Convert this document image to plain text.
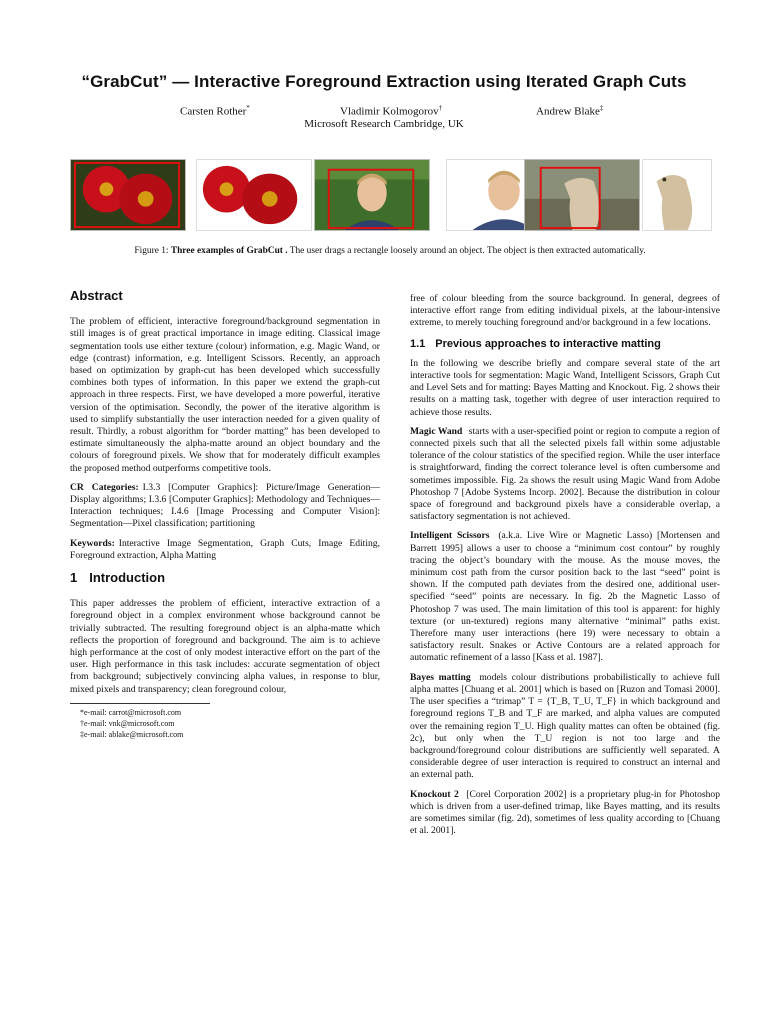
“GrabCut” — Interactive Foreground Extraction using Iterated Graph Cuts
Carsten Rother*	Vladimir Kolmogorov†	Andrew Blake‡
Microsoft Research Cambridge, UK
Figure 1: Three examples of GrabCut . The user drags a rectangle loosely around an object. The object is then extracted automatically.
Abstract

The problem of efficient, interactive foreground/background segmentation in still images is of great practical importance in image editing. Classical image segmentation tools use either texture (colour) information, e.g. Magic Wand, or edge (contrast) information, e.g. Intelligent Scissors. Recently, an approach based on optimization by graph-cut has been developed which successfully combines both types of information. In this paper we extend the graph-cut approach in three respects. First, we have developed a more powerful, iterative version of the optimisation. Secondly, the power of the iterative algorithm is used to simplify substantially the user interaction needed for a given quality of result. Thirdly, a robust algorithm for “border matting” has been developed to estimate simultaneously the alpha-matte around an object boundary and the colours of foreground pixels. We show that for moderately difficult examples the proposed method outperforms competitive tools.

CR Categories: I.3.3 [Computer Graphics]: Picture/Image Generation—Display algorithms; I.3.6 [Computer Graphics]: Methodology and Techniques—Interaction techniques; I.4.6 [Image Processing and Computer Vision]: Segmentation—Pixel classification; partitioning

Keywords: Interactive Image Segmentation, Graph Cuts, Image Editing, Foreground extraction, Alpha Matting

1 Introduction

This paper addresses the problem of efficient, interactive extraction of a foreground object in a complex environment whose background cannot be trivially subtracted. The resulting foreground object is an alpha-matte which reflects the proportion of foreground and background. The aim is to achieve high performance at the cost of only modest interactive effort on the part of the user. High performance in this task includes: accurate segmentation of object from background; subjectively convincing alpha values, in response to blur, mixed pixels and transparency; clean foreground colour,

*e-mail: carrot@microsoft.com
†e-mail: vnk@microsoft.com
‡e-mail: ablake@microsoft.com

free of colour bleeding from the source background. In general, degrees of interactive effort range from editing individual pixels, at the labour-intensive extreme, to merely touching foreground and/or background in a few locations.

1.1 Previous approaches to interactive matting

In the following we describe briefly and compare several state of the art interactive tools for segmentation: Magic Wand, Intelligent Scissors, Graph Cut and Level Sets and for matting: Bayes Matting and Knockout. Fig. 2 shows their results on a matting task, together with degree of user interaction required to achieve those results.

Magic Wand starts with a user-specified point or region to compute a region of connected pixels such that all the selected pixels fall within some adjustable tolerance of the colour statistics of the specified region. While the user interface is straightforward, finding the correct tolerance level is often cumbersome and sometimes impossible. Fig. 2a shows the result using Magic Wand from Adobe Photoshop 7 [Adobe Systems Incorp. 2002]. Because the distribution in colour space of foreground and background pixels have a considerable overlap, a satisfactory segmentation is not achieved.

Intelligent Scissors (a.k.a. Live Wire or Magnetic Lasso) [Mortensen and Barrett 1995] allows a user to choose a “minimum cost contour” by roughly tracing the object’s boundary with the mouse. As the mouse moves, the minimum cost path from the cursor position back to the last “seed” point is shown. If the computed path deviates from the desired one, additional user-specified “seed” points are necessary. In fig. 2b the Magnetic Lasso of Photoshop 7 was used. The main limitation of this tool is apparent: for highly texture (or un-textured) regions many alternative “minimal” paths exist. Therefore many user interactions (here 19) were necessary to obtain a satisfactory result. Snakes or Active Contours are a related approach for automatic refinement of a lasso [Kass et al. 1987].

Bayes matting models colour distributions probabilistically to achieve full alpha mattes [Chuang et al. 2001] which is based on [Ruzon and Tomasi 2000]. The user specifies a “trimap” T = {T_B, T_U, T_F} in which background and foreground regions T_B and T_F are marked, and alpha values are computed over the remaining region T_U. High quality mattes can often be obtained (fig. 2c), but only when the T_U region is not too large and the background/foreground colour distributions are sufficiently well separated. A considerable degree of user interaction is required to construct an internal and an external path.

Knockout 2 [Corel Corporation 2002] is a proprietary plug-in for Photoshop which is driven from a user-defined trimap, like Bayes matting, and its results are sometimes similar (fig. 2d), sometimes of less quality according to [Chuang et al. 2001].
